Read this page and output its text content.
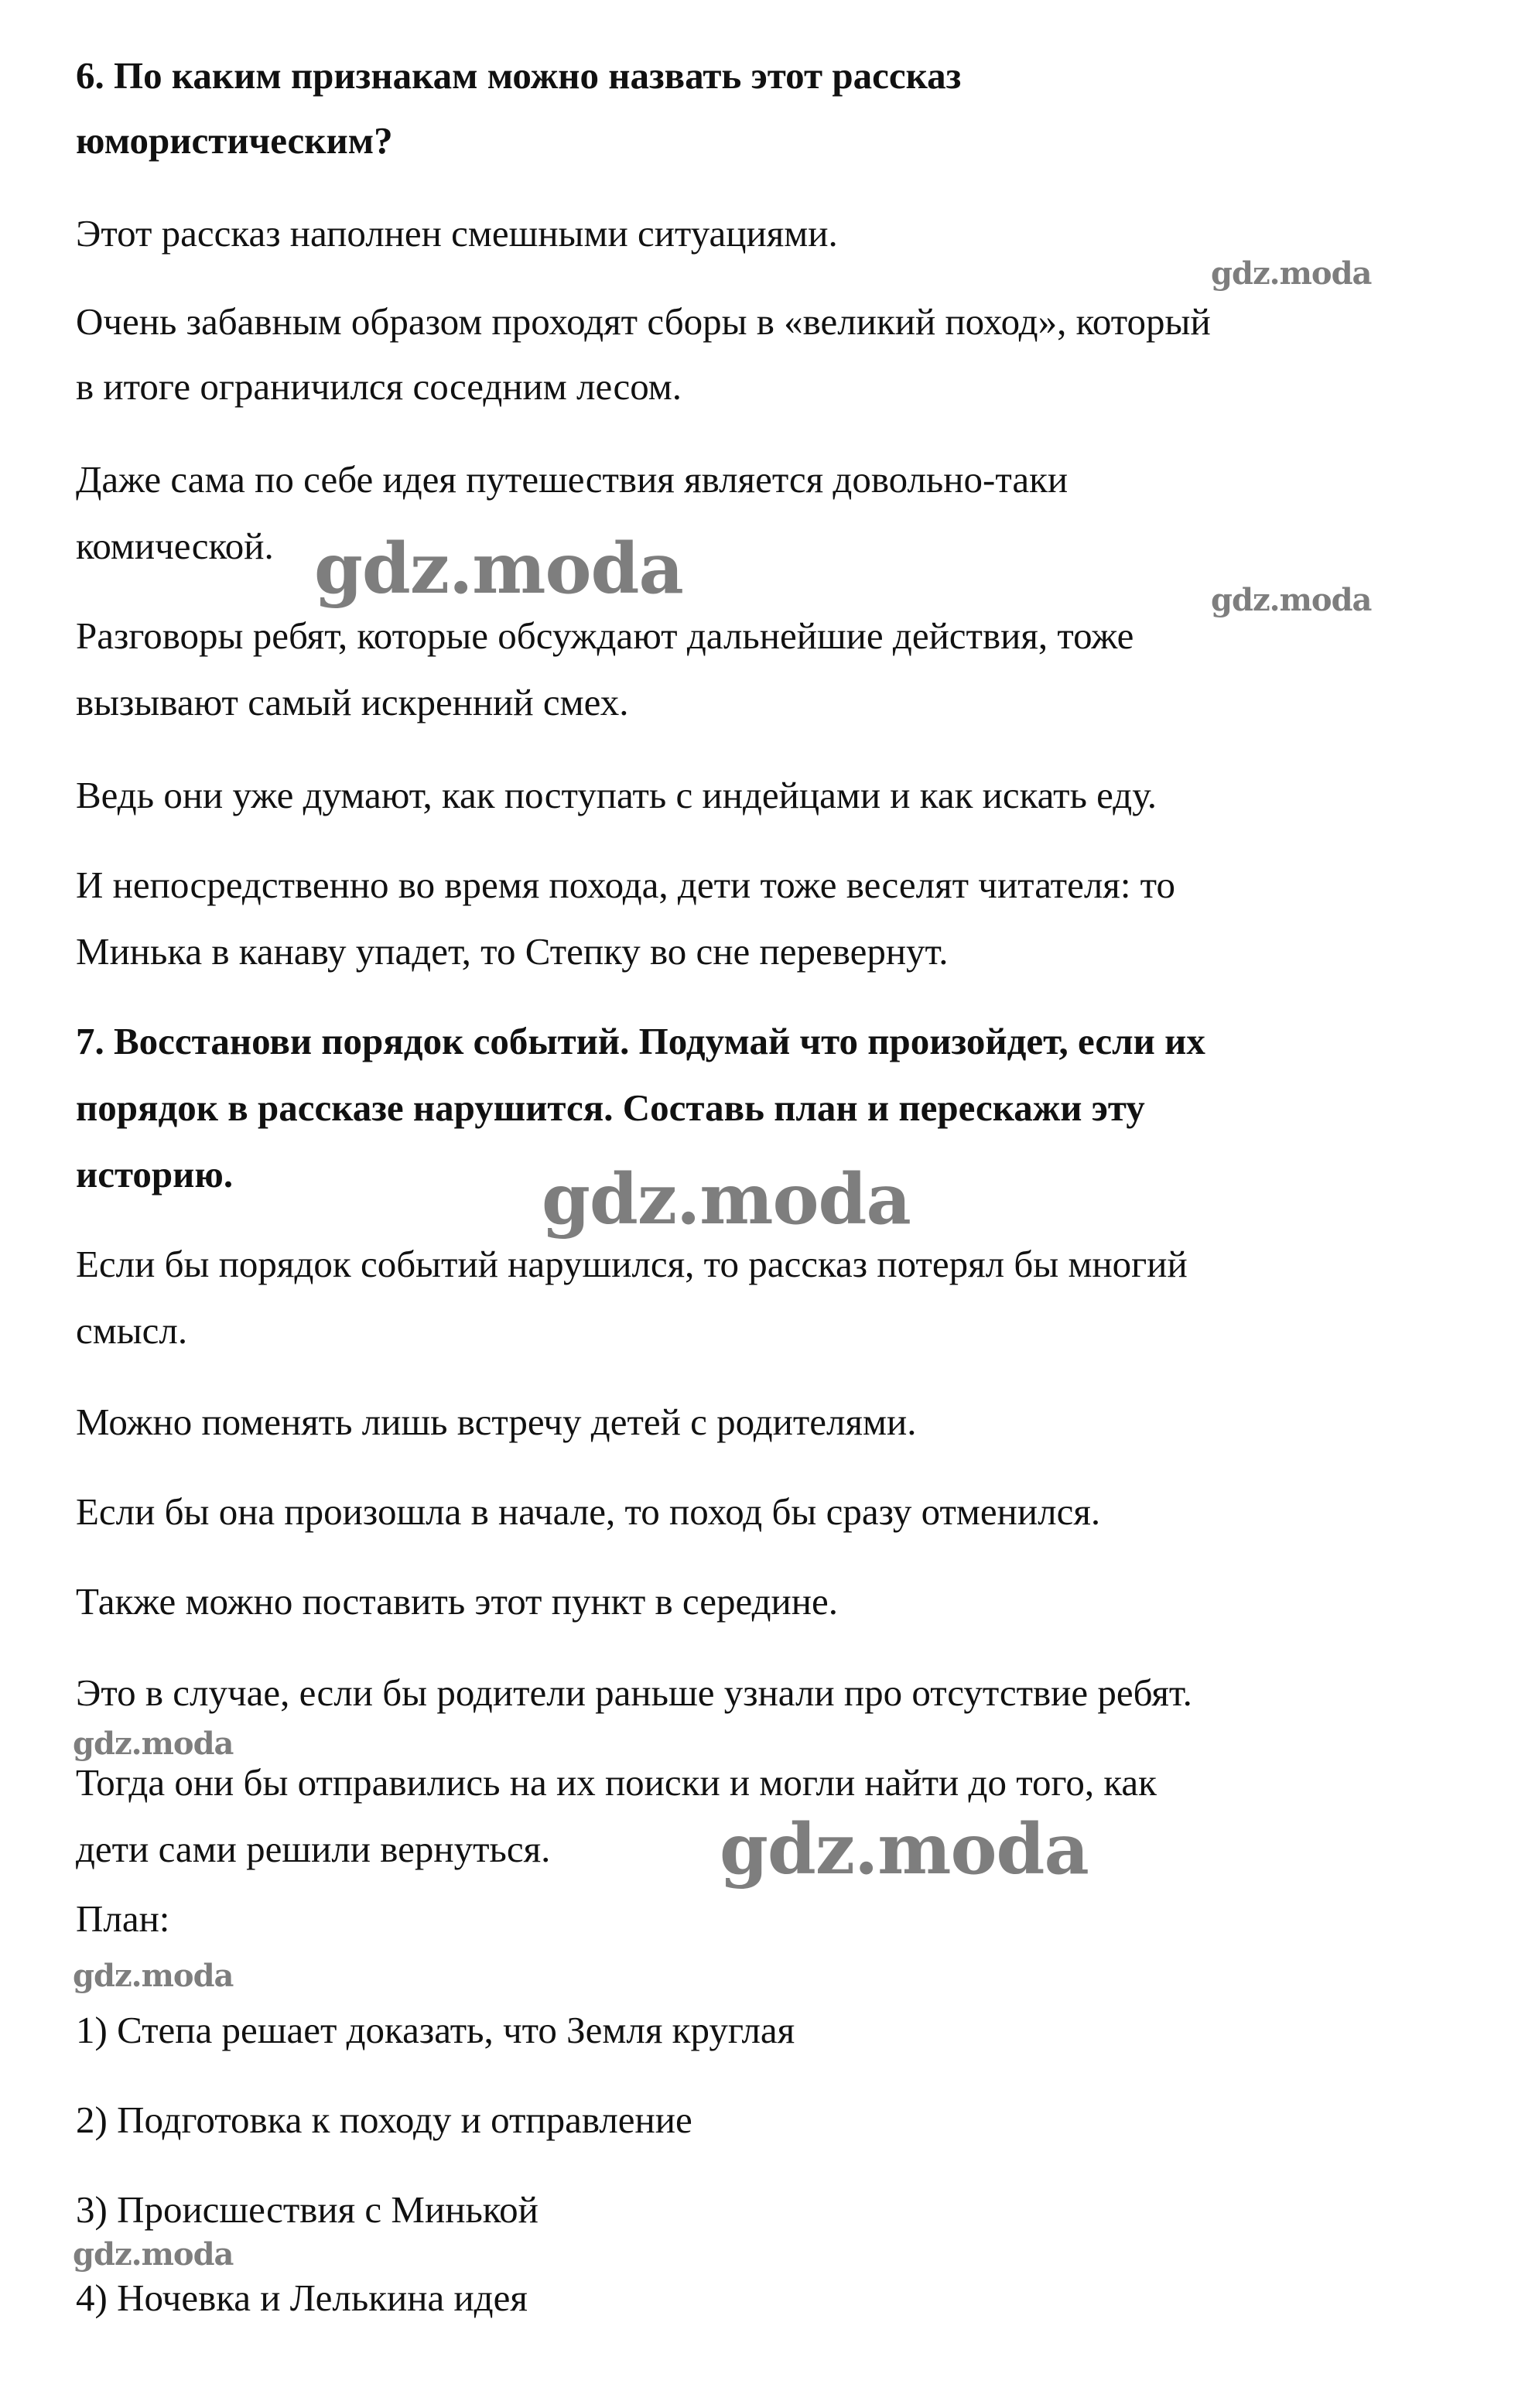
6. По каким признакам можно назвать этот рассказ
юмористическим?
Этот рассказ наполнен смешными ситуациями.
Очень забавным образом проходят сборы в «великий поход», который
в итоге ограничился соседним лесом.
Даже сама по себе идея путешествия является довольно-таки
комической.
Разговоры ребят, которые обсуждают дальнейшие действия, тоже
вызывают самый искренний смех.
Ведь они уже думают, как поступать с индейцами и как искать еду.
И непосредственно во время похода, дети тоже веселят читателя: то
Минька в канаву упадет, то Степку во сне перевернут.
7. Восстанови порядок событий. Подумай что произойдет, если их
порядок в рассказе нарушится. Составь план и перескажи эту
историю.
Если бы порядок событий нарушился, то рассказ потерял бы многий
смысл.
Можно поменять лишь встречу детей с родителями.
Если бы она произошла в начале, то поход бы сразу отменился.
Также можно поставить этот пункт в середине.
Это в случае, если бы родители раньше узнали про отсутствие ребят.
Тогда они бы отправились на их поиски и могли найти до того, как
дети сами решили вернуться.
План:
1) Степа решает доказать, что Земля круглая
2) Подготовка к походу и отправление
3) Происшествия с Минькой
4) Ночевка и Лелькина идея
gdz.moda
gdz.moda	gdz.moda
gdz.moda
gdz.moda
gdz.moda
gdz.moda
gdz.moda
